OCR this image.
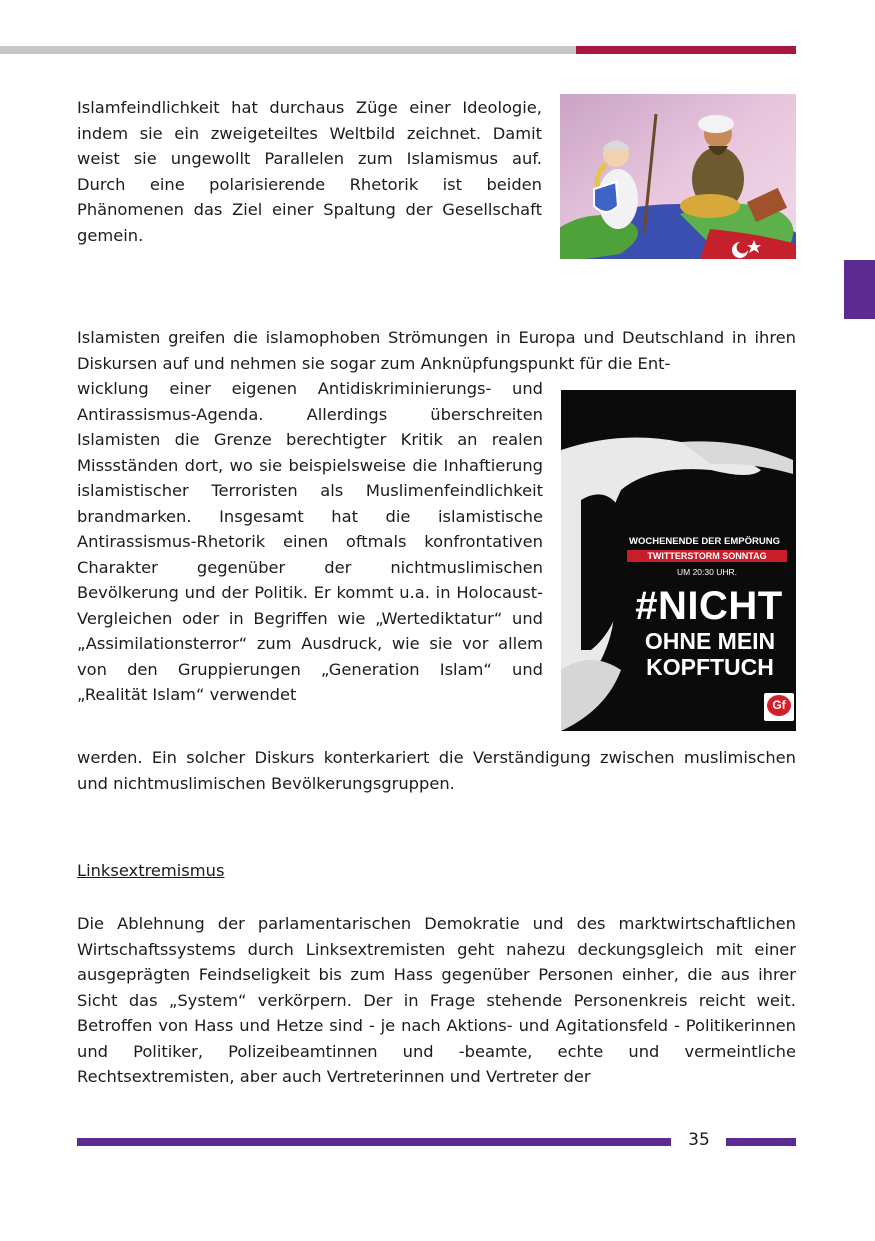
Islamfeindlichkeit hat durchaus Züge einer Ideologie, indem sie ein zweigeteiltes Weltbild zeichnet. Damit weist sie ungewollt Parallelen zum Islamismus auf. Durch eine polarisierende Rhetorik ist beiden Phänomenen das Ziel einer Spaltung der Gesellschaft gemein.

Islamisten greifen die islamophoben Strömungen in Europa und Deutschland in ihren Diskursen auf und nehmen sie sogar zum Anknüpfungspunkt für die Ent-

wicklung einer eigenen Antidiskriminierungs- und Antirassismus-Agenda. Allerdings überschreiten Islamisten die Grenze berechtigter Kritik an realen Missständen dort, wo sie beispielsweise die Inhaftierung islamistischer Terroristen als Muslimenfeindlichkeit brandmarken. Insgesamt hat die islamistische Antirassismus-Rhetorik einen oftmals konfrontativen Charakter gegenüber der nichtmuslimischen Bevölkerung und der Politik. Er kommt u.a. in Holocaust-Vergleichen oder in Begriffen wie „Wertediktatur“ und „Assimilationsterror“ zum Ausdruck, wie sie vor allem von den Gruppierungen „Generation Islam“ und „Realität Islam“ verwendet

WOCHENENDE DER EMPÖRUNG
TWITTERSTORM SONNTAG
UM 20:30 UHR.
#NICHT
OHNE MEIN
KOPFTUCH
Gf

werden. Ein solcher Diskurs konterkariert die Verständigung zwischen muslimischen und nichtmuslimischen Bevölkerungsgruppen.

Linksextremismus

Die Ablehnung der parlamentarischen Demokratie und des marktwirtschaftlichen Wirtschaftssystems durch Linksextremisten geht nahezu deckungsgleich mit einer ausgeprägten Feindseligkeit bis zum Hass gegenüber Personen einher, die aus ihrer Sicht das „System“ verkörpern. Der in Frage stehende Personenkreis reicht weit. Betroffen von Hass und Hetze sind - je nach Aktions- und Agitationsfeld - Politikerinnen und Politiker, Polizeibeamtinnen und -beamte, echte und vermeintliche Rechtsextremisten, aber auch Vertreterinnen und Vertreter der

35
